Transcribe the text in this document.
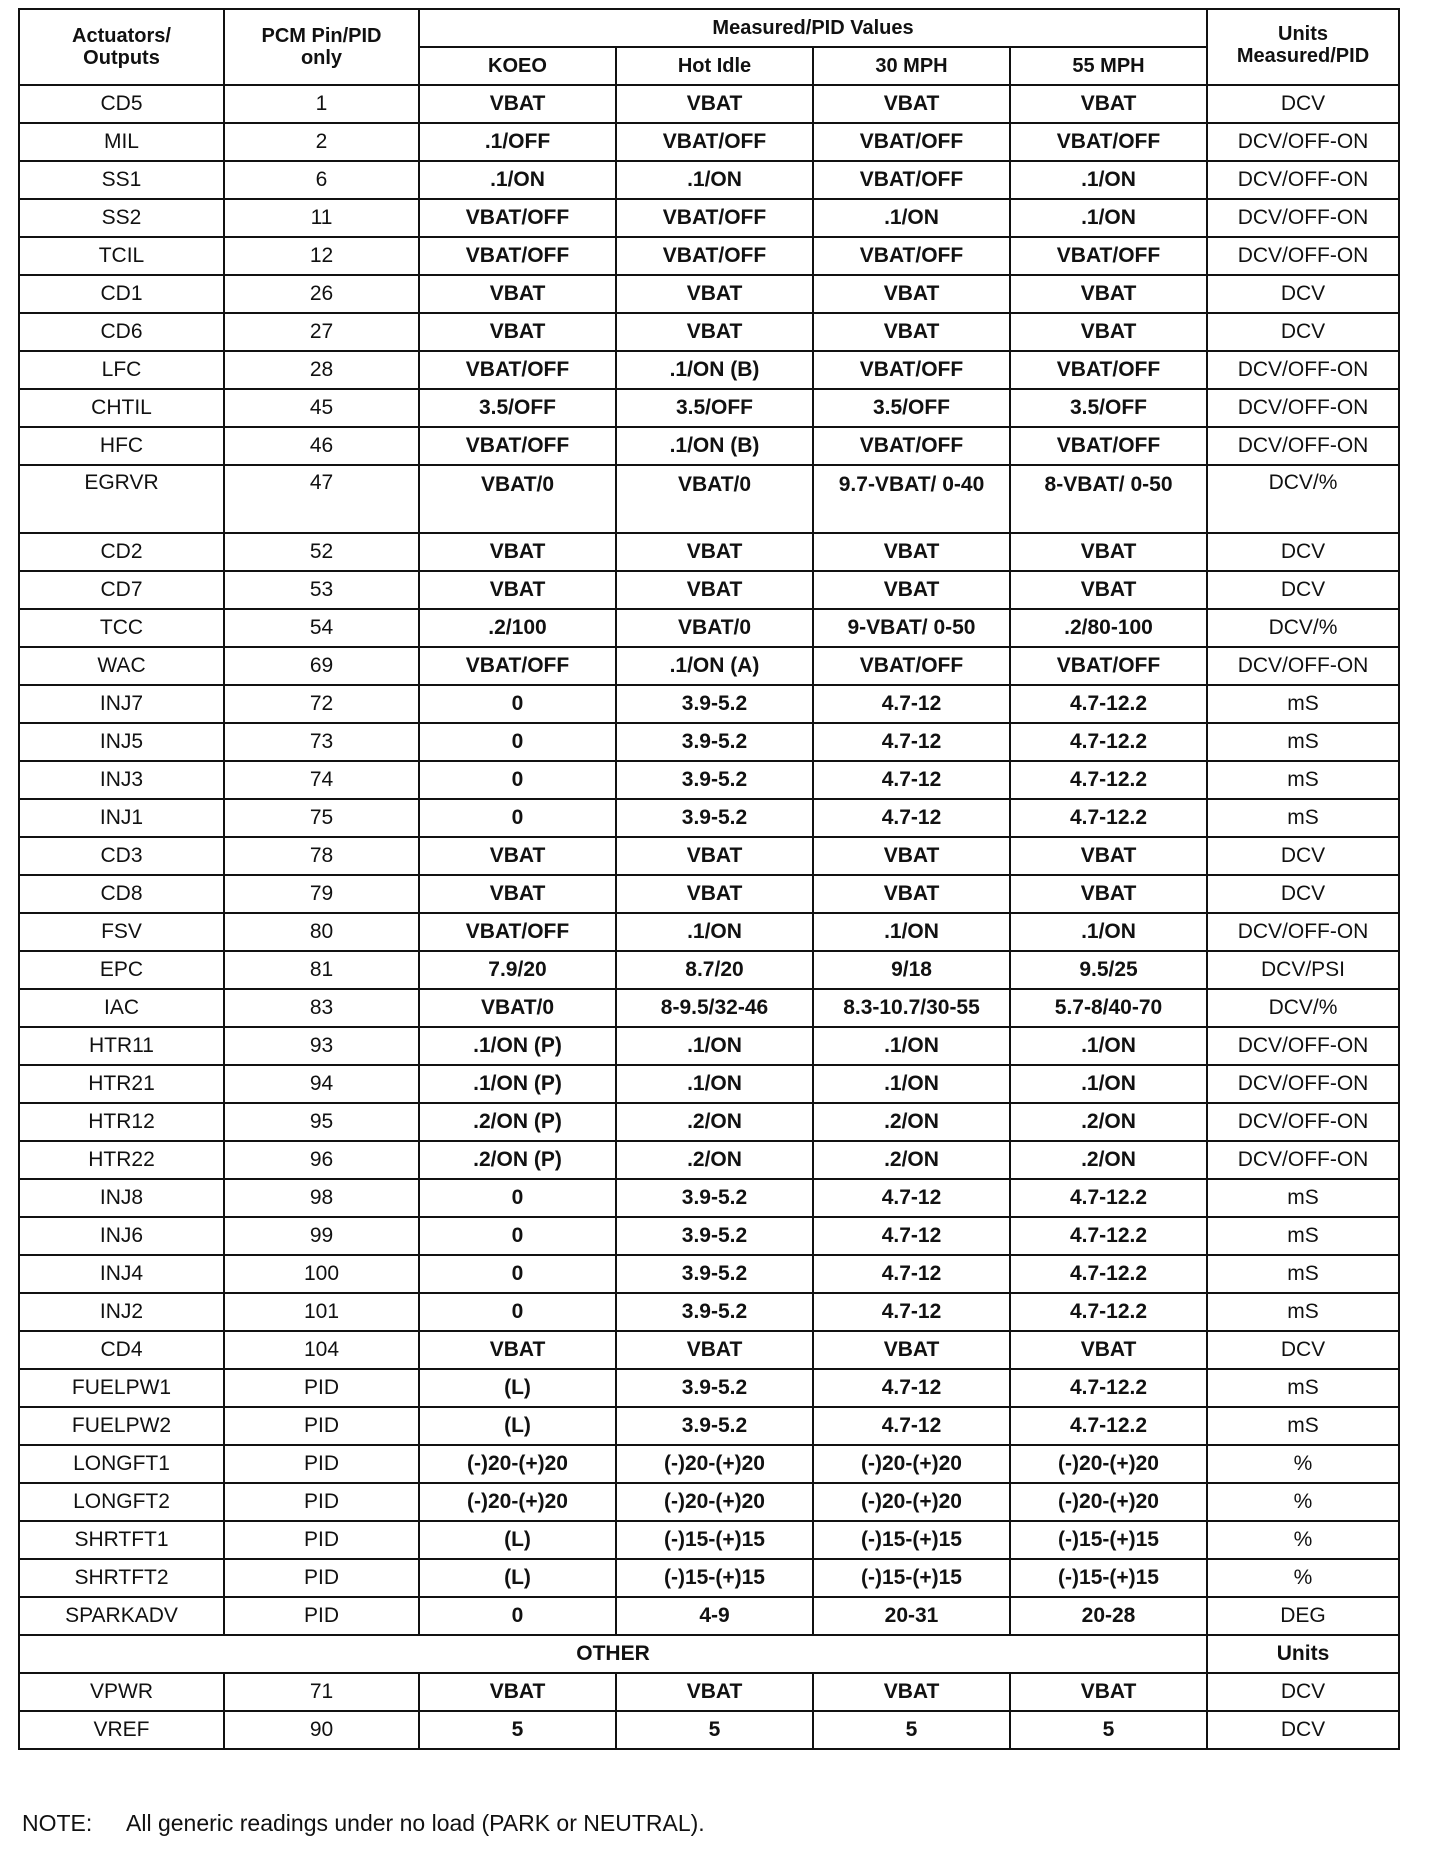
Actuators/
Outputs	PCM Pin/PID
only	Measured/PID Values				Units
Measured/PID
		KOEO	Hot Idle	30 MPH	55 MPH	
CD5	1	VBAT	VBAT	VBAT	VBAT	DCV
MIL	2	.1/OFF	VBAT/OFF	VBAT/OFF	VBAT/OFF	DCV/OFF-ON
SS1	6	.1/ON	.1/ON	VBAT/OFF	.1/ON	DCV/OFF-ON
SS2	11	VBAT/OFF	VBAT/OFF	.1/ON	.1/ON	DCV/OFF-ON
TCIL	12	VBAT/OFF	VBAT/OFF	VBAT/OFF	VBAT/OFF	DCV/OFF-ON
CD1	26	VBAT	VBAT	VBAT	VBAT	DCV
CD6	27	VBAT	VBAT	VBAT	VBAT	DCV
LFC	28	VBAT/OFF	.1/ON (B)	VBAT/OFF	VBAT/OFF	DCV/OFF-ON
CHTIL	45	3.5/OFF	3.5/OFF	3.5/OFF	3.5/OFF	DCV/OFF-ON
HFC	46	VBAT/OFF	.1/ON (B)	VBAT/OFF	VBAT/OFF	DCV/OFF-ON
EGRVR	47	VBAT/0	VBAT/0	9.7-VBAT/ 0-40	8-VBAT/ 0-50	DCV/%
CD2	52	VBAT	VBAT	VBAT	VBAT	DCV
CD7	53	VBAT	VBAT	VBAT	VBAT	DCV
TCC	54	.2/100	VBAT/0	9-VBAT/ 0-50	.2/80-100	DCV/%
WAC	69	VBAT/OFF	.1/ON (A)	VBAT/OFF	VBAT/OFF	DCV/OFF-ON
INJ7	72	0	3.9-5.2	4.7-12	4.7-12.2	mS
INJ5	73	0	3.9-5.2	4.7-12	4.7-12.2	mS
INJ3	74	0	3.9-5.2	4.7-12	4.7-12.2	mS
INJ1	75	0	3.9-5.2	4.7-12	4.7-12.2	mS
CD3	78	VBAT	VBAT	VBAT	VBAT	DCV
CD8	79	VBAT	VBAT	VBAT	VBAT	DCV
FSV	80	VBAT/OFF	.1/ON	.1/ON	.1/ON	DCV/OFF-ON
EPC	81	7.9/20	8.7/20	9/18	9.5/25	DCV/PSI
IAC	83	VBAT/0	8-9.5/32-46	8.3-10.7/30-55	5.7-8/40-70	DCV/%
HTR11	93	.1/ON (P)	.1/ON	.1/ON	.1/ON	DCV/OFF-ON
HTR21	94	.1/ON (P)	.1/ON	.1/ON	.1/ON	DCV/OFF-ON
HTR12	95	.2/ON (P)	.2/ON	.2/ON	.2/ON	DCV/OFF-ON
HTR22	96	.2/ON (P)	.2/ON	.2/ON	.2/ON	DCV/OFF-ON
INJ8	98	0	3.9-5.2	4.7-12	4.7-12.2	mS
INJ6	99	0	3.9-5.2	4.7-12	4.7-12.2	mS
INJ4	100	0	3.9-5.2	4.7-12	4.7-12.2	mS
INJ2	101	0	3.9-5.2	4.7-12	4.7-12.2	mS
CD4	104	VBAT	VBAT	VBAT	VBAT	DCV
FUELPW1	PID	(L)	3.9-5.2	4.7-12	4.7-12.2	mS
FUELPW2	PID	(L)	3.9-5.2	4.7-12	4.7-12.2	mS
LONGFT1	PID	(-)20-(+)20	(-)20-(+)20	(-)20-(+)20	(-)20-(+)20	%
LONGFT2	PID	(-)20-(+)20	(-)20-(+)20	(-)20-(+)20	(-)20-(+)20	%
SHRTFT1	PID	(L)	(-)15-(+)15	(-)15-(+)15	(-)15-(+)15	%
SHRTFT2	PID	(L)	(-)15-(+)15	(-)15-(+)15	(-)15-(+)15	%
SPARKADV	PID	0	4-9	20-31	20-28	DEG
OTHER						Units
VPWR	71	VBAT	VBAT	VBAT	VBAT	DCV
VREF	90	5	5	5	5	DCV
NOTE: All generic readings under no load (PARK or NEUTRAL).
